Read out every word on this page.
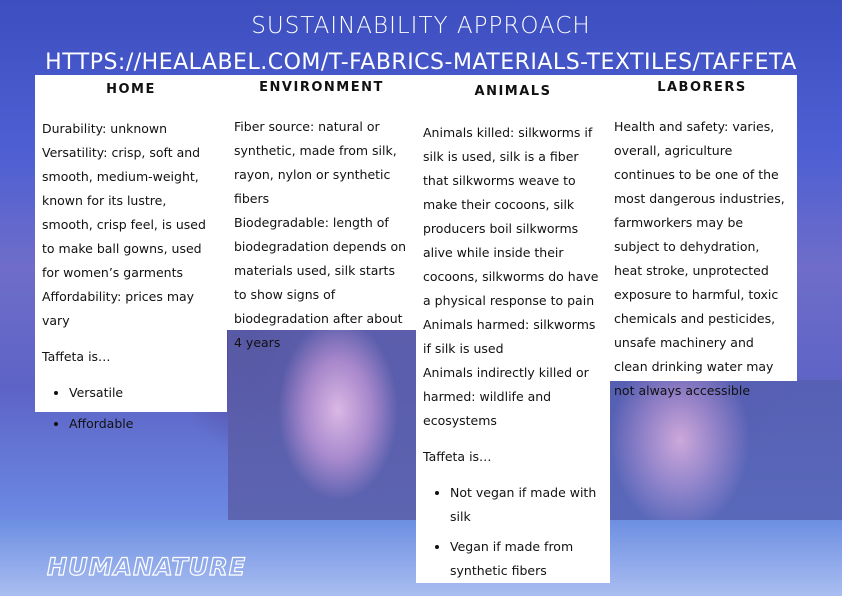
SUSTAINABILITY APPROACH
HTTPS://HEALABEL.COM/T-FABRICS-MATERIALS-TEXTILES/TAFFETA
HOME

Durability: unknown

Versatility: crisp, soft and smooth, medium-weight, known for its lustre, smooth, crisp feel, is used to make ball gowns, used for women’s garments

Affordability: prices may vary

Taffeta is…

• Versatile
• Affordable
ENVIRONMENT

Fiber source: natural or synthetic, made from silk, rayon, nylon or synthetic fibers

Biodegradable: length of biodegradation depends on materials used, silk starts to show signs of biodegradation after about 4 years

ANIMALS

Animals killed: silkworms if silk is used, silk is a fiber that silkworms weave to make their cocoons, silk producers boil silkworms alive while inside their cocoons, silkworms do have a physical response to pain

Animals harmed: silkworms if silk is used

Animals indirectly killed or harmed: wildlife and ecosystems

Taffeta is…

• Not vegan if made with silk
• Vegan if made from synthetic fibers
LABORERS

Health and safety: varies, overall, agriculture continues to be one of the most dangerous industries, farmworkers may be subject to dehydration, heat stroke, unprotected exposure to harmful, toxic chemicals and pesticides, unsafe machinery and clean drinking water may not always accessible

HUMANATURE
